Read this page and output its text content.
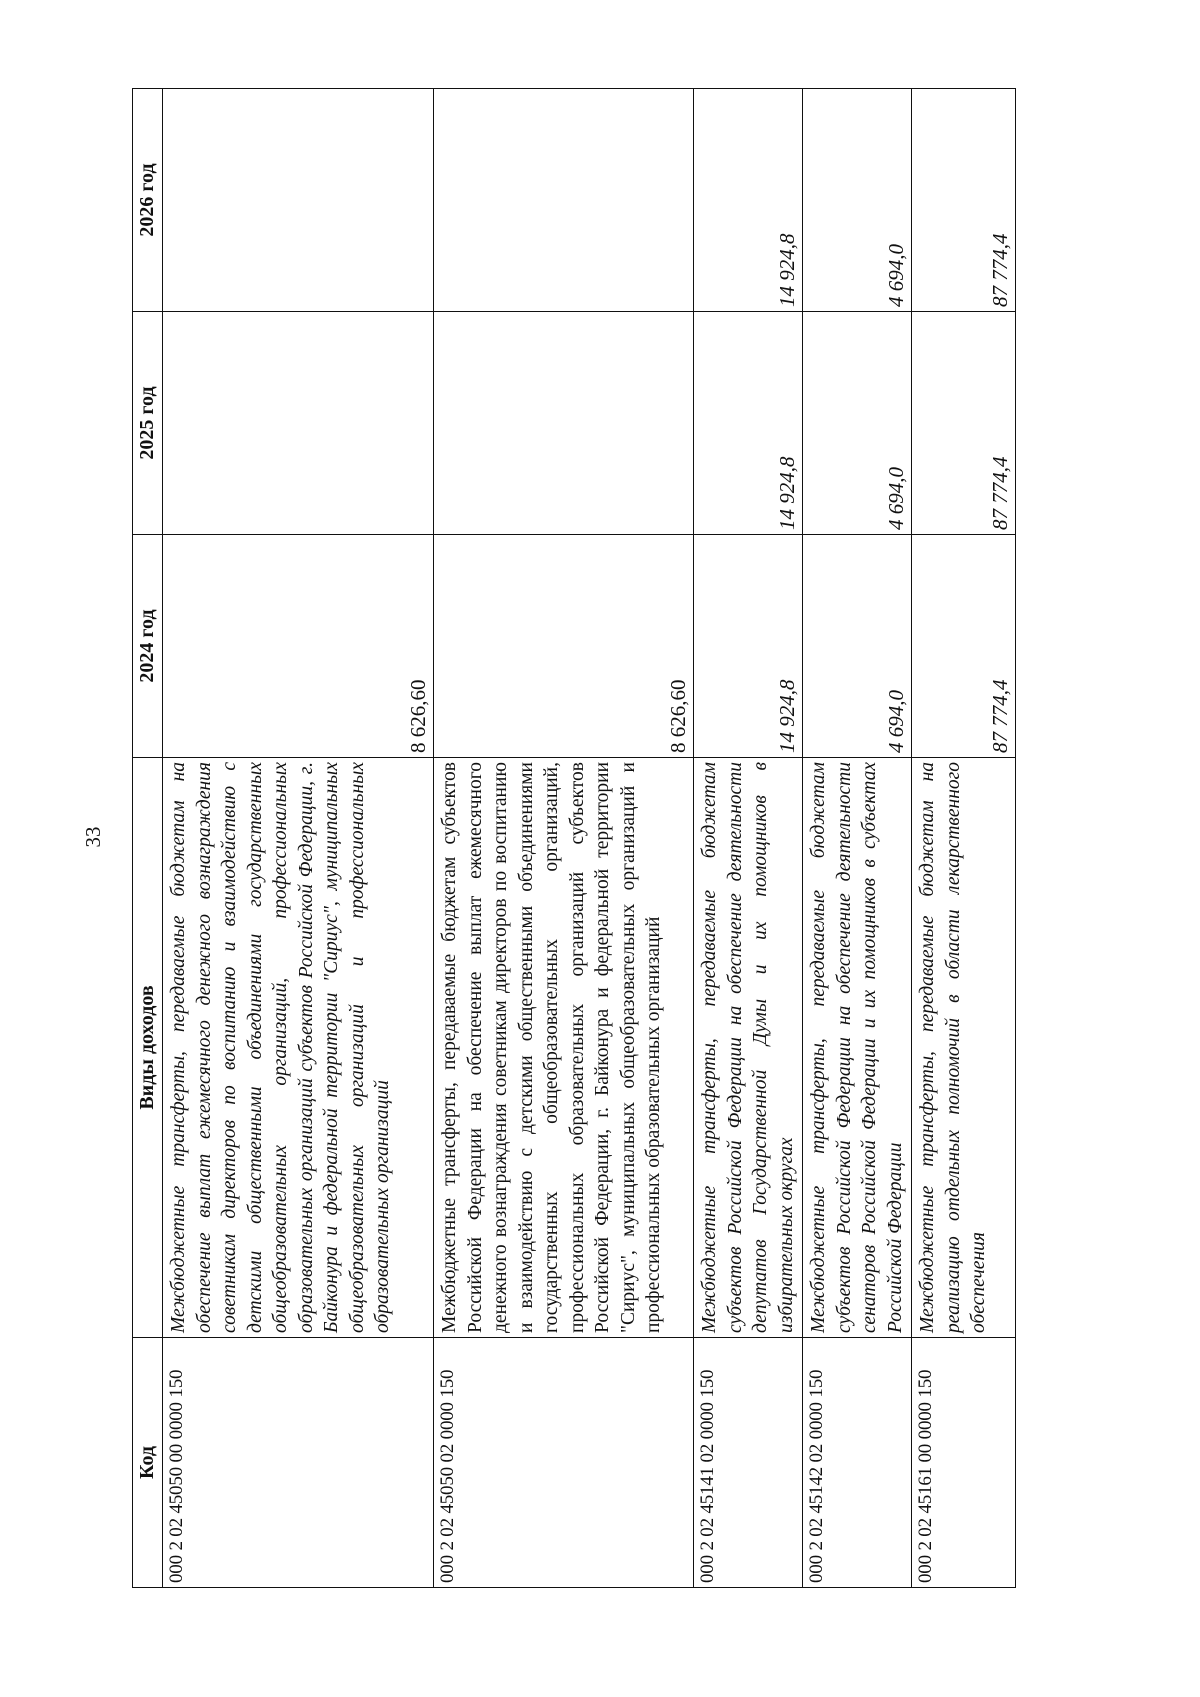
33
Код	Виды доходов	2024 год	2025 год	2026 год
000 2 02 45050 00 0000 150	Межбюджетные трансферты, передаваемые бюджетам на обеспечение выплат ежемесячного денежного вознаграждения советникам директоров по воспитанию и взаимодействию с детскими общественными объединениями государственных общеобразовательных организаций, профессиональных образовательных организаций субъектов Российской Федерации, г. Байконура и федеральной территории "Сириус", муниципальных общеобразовательных организаций и профессиональных образовательных организаций	8 626,60		
000 2 02 45050 02 0000 150	Межбюджетные трансферты, передаваемые бюджетам субъектов Российской Федерации на обеспечение выплат ежемесячного денежного вознаграждения советникам директоров по воспитанию и взаимодействию с детскими общественными объединениями государственных общеобразовательных организаций, профессиональных образовательных организаций субъектов Российской Федерации, г. Байконура и федеральной территории "Сириус", муниципальных общеобразовательных организаций и профессиональных образовательных организаций	8 626,60		
000 2 02 45141 02 0000 150	Межбюджетные трансферты, передаваемые бюджетам субъектов Российской Федерации на обеспечение деятельности депутатов Государственной Думы и их помощников в избирательных округах	14 924,8	14 924,8	14 924,8
000 2 02 45142 02 0000 150	Межбюджетные трансферты, передаваемые бюджетам субъектов Российской Федерации на обеспечение деятельности сенаторов Российской Федерации и их помощников в субъектах Российской Федерации	4 694,0	4 694,0	4 694,0
000 2 02 45161 00 0000 150	Межбюджетные трансферты, передаваемые бюджетам на реализацию отдельных полномочий в области лекарственного обеспечения	87 774,4	87 774,4	87 774,4
